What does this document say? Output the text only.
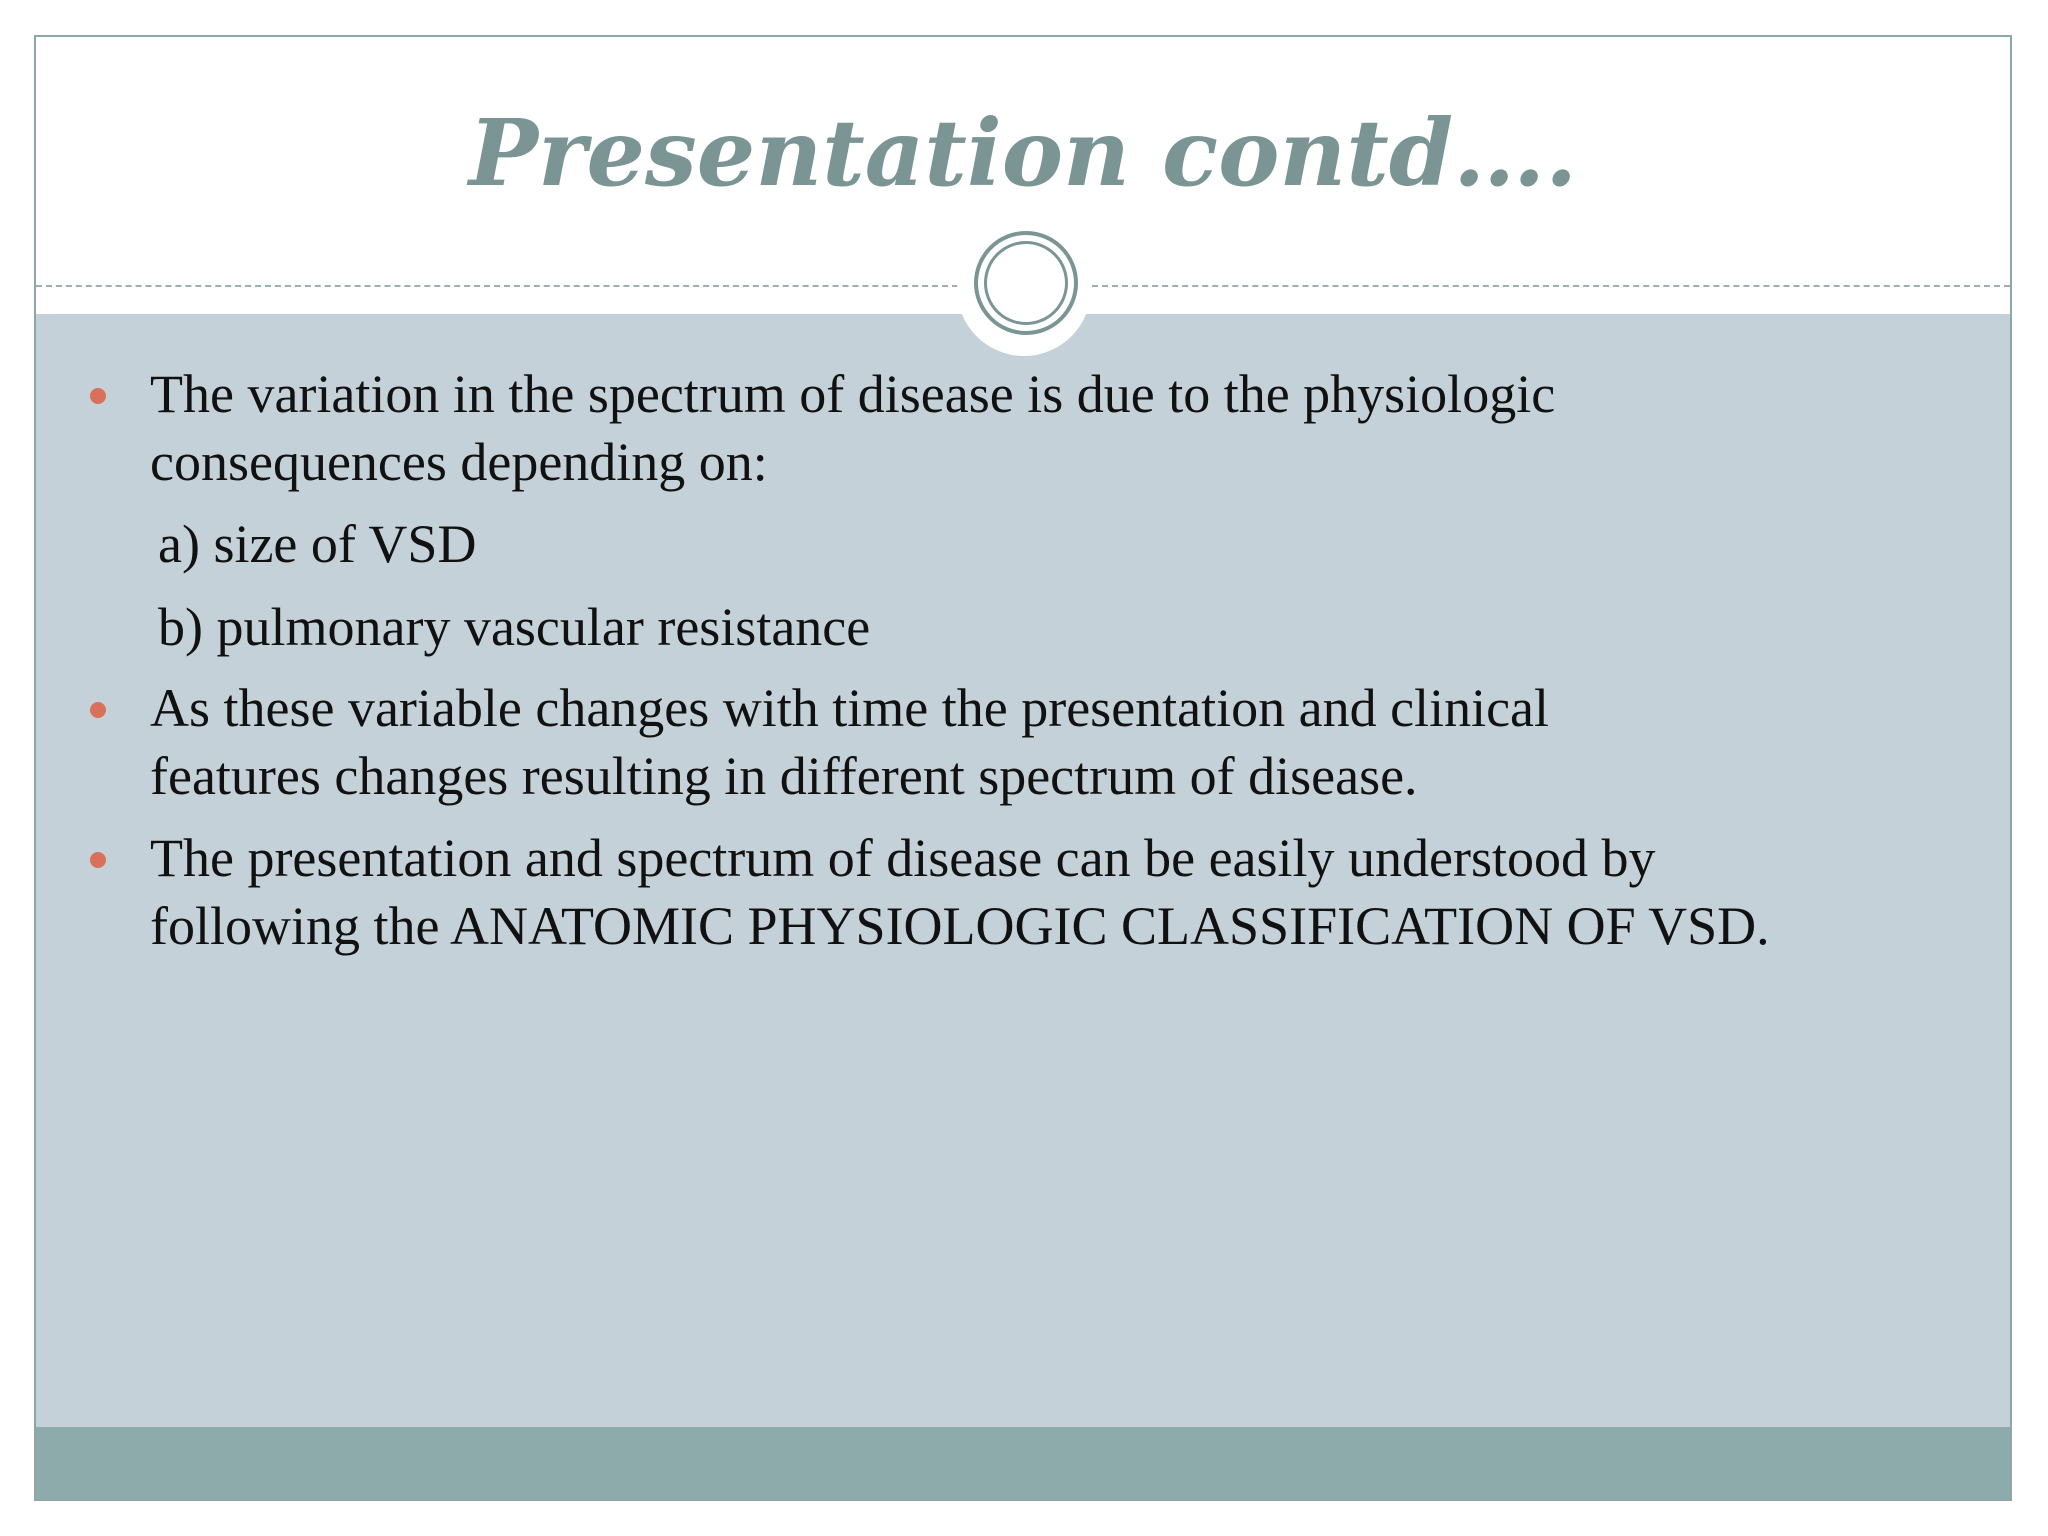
Presentation contd….
The variation in the spectrum of disease is due to the physiologic
consequences depending on:
a) size of VSD
b) pulmonary vascular resistance
As these variable changes with time the presentation and clinical
features changes resulting in different spectrum of disease.
The presentation and spectrum of disease can be easily understood by
following the ANATOMIC PHYSIOLOGIC CLASSIFICATION OF VSD.
